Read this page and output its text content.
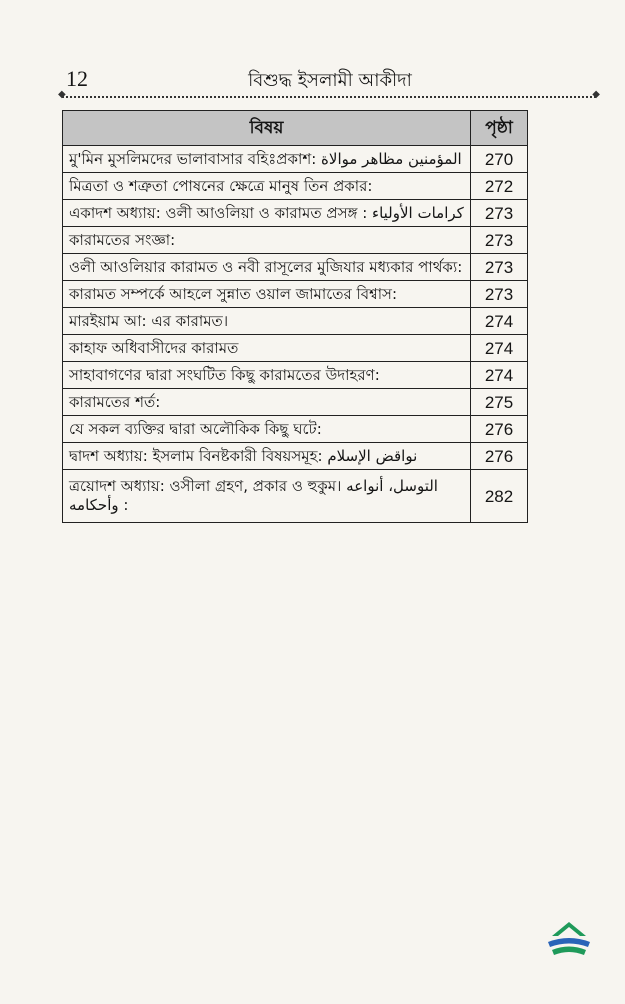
12	বিশুদ্ধ ইসলামী আকীদা
◆ ◆
বিষয়	পৃষ্ঠা
মু'মিন মুসলিমদের ভালাবাসার বহিঃপ্রকাশ: المؤمنين مظاهر موالاة	270
মিত্রতা ও শত্রুতা পোষনের ক্ষেত্রে মানুষ তিন প্রকার:	272
একাদশ অধ্যায়: ওলী আওলিয়া ও কারামত প্রসঙ্গ : كرامات الأولياء	273
কারামতের সংজ্ঞা:	273
ওলী আওলিয়ার কারামত ও নবী রাসূলের মুজিযার মধ্যকার পার্থক্য:	273
কারামত সম্পর্কে আহলে সুন্নাত ওয়াল জামাতের বিশ্বাস:	273
মারইয়াম আ: এর কারামত।	274
কাহাফ অধিবাসীদের কারামত	274
সাহাবাগণের দ্বারা সংঘটিত কিছু কারামতের উদাহরণ:	274
কারামতের শর্ত:	275
যে সকল ব্যক্তির দ্বারা অলৌকিক কিছু ঘটে:	276
দ্বাদশ অধ্যায়: ইসলাম বিনষ্টকারী বিষয়সমূহ: نواقض الإسلام	276
ত্রয়োদশ অধ্যায়: ওসীলা গ্রহণ, প্রকার ও হুকুম। التوسل، أنواعه وأحكامه :	282
